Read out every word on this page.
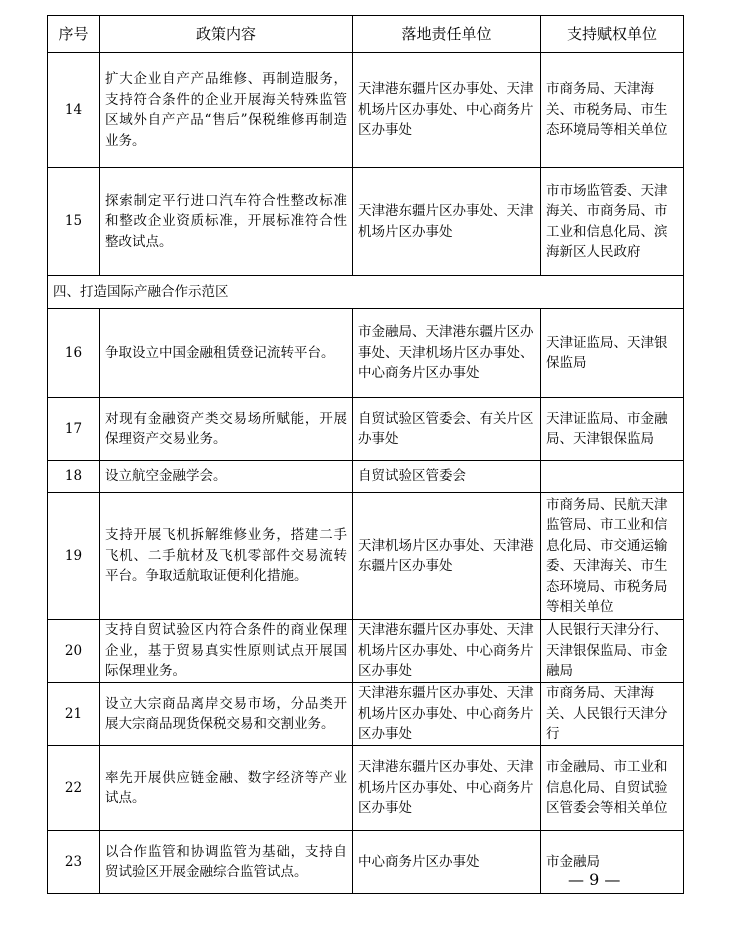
序号	政策内容	落地责任单位	支持赋权单位
14	扩大企业自产产品维修、再制造服务，支持符合条件的企业开展海关特殊监管区域外自产产品“售后”保税维修再制造业务。	天津港东疆片区办事处、天津机场片区办事处、中心商务片区办事处	市商务局、天津海关、市税务局、市生态环境局等相关单位
15	探索制定平行进口汽车符合性整改标准和整改企业资质标准，开展标准符合性整改试点。	天津港东疆片区办事处、天津机场片区办事处	市市场监管委、天津海关、市商务局、市工业和信息化局、滨海新区人民政府
四、打造国际产融合作示范区			
16	争取设立中国金融租赁登记流转平台。	市金融局、天津港东疆片区办事处、天津机场片区办事处、中心商务片区办事处	天津证监局、天津银保监局
17	对现有金融资产类交易场所赋能，开展保理资产交易业务。	自贸试验区管委会、有关片区办事处	天津证监局、市金融局、天津银保监局
18	设立航空金融学会。	自贸试验区管委会	
19	支持开展飞机拆解维修业务，搭建二手飞机、二手航材及飞机零部件交易流转平台。争取适航取证便利化措施。	天津机场片区办事处、天津港东疆片区办事处	市商务局、民航天津监管局、市工业和信息化局、市交通运输委、天津海关、市生态环境局、市税务局等相关单位
20	支持自贸试验区内符合条件的商业保理企业，基于贸易真实性原则试点开展国际保理业务。	天津港东疆片区办事处、天津机场片区办事处、中心商务片区办事处	人民银行天津分行、天津银保监局、市金融局
21	设立大宗商品离岸交易市场，分品类开展大宗商品现货保税交易和交割业务。	天津港东疆片区办事处、天津机场片区办事处、中心商务片区办事处	市商务局、天津海关、人民银行天津分行
22	率先开展供应链金融、数字经济等产业试点。	天津港东疆片区办事处、天津机场片区办事处、中心商务片区办事处	市金融局、市工业和信息化局、自贸试验区管委会等相关单位
23	以合作监管和协调监管为基础，支持自贸试验区开展金融综合监管试点。	中心商务片区办事处	市金融局
— 9 —
